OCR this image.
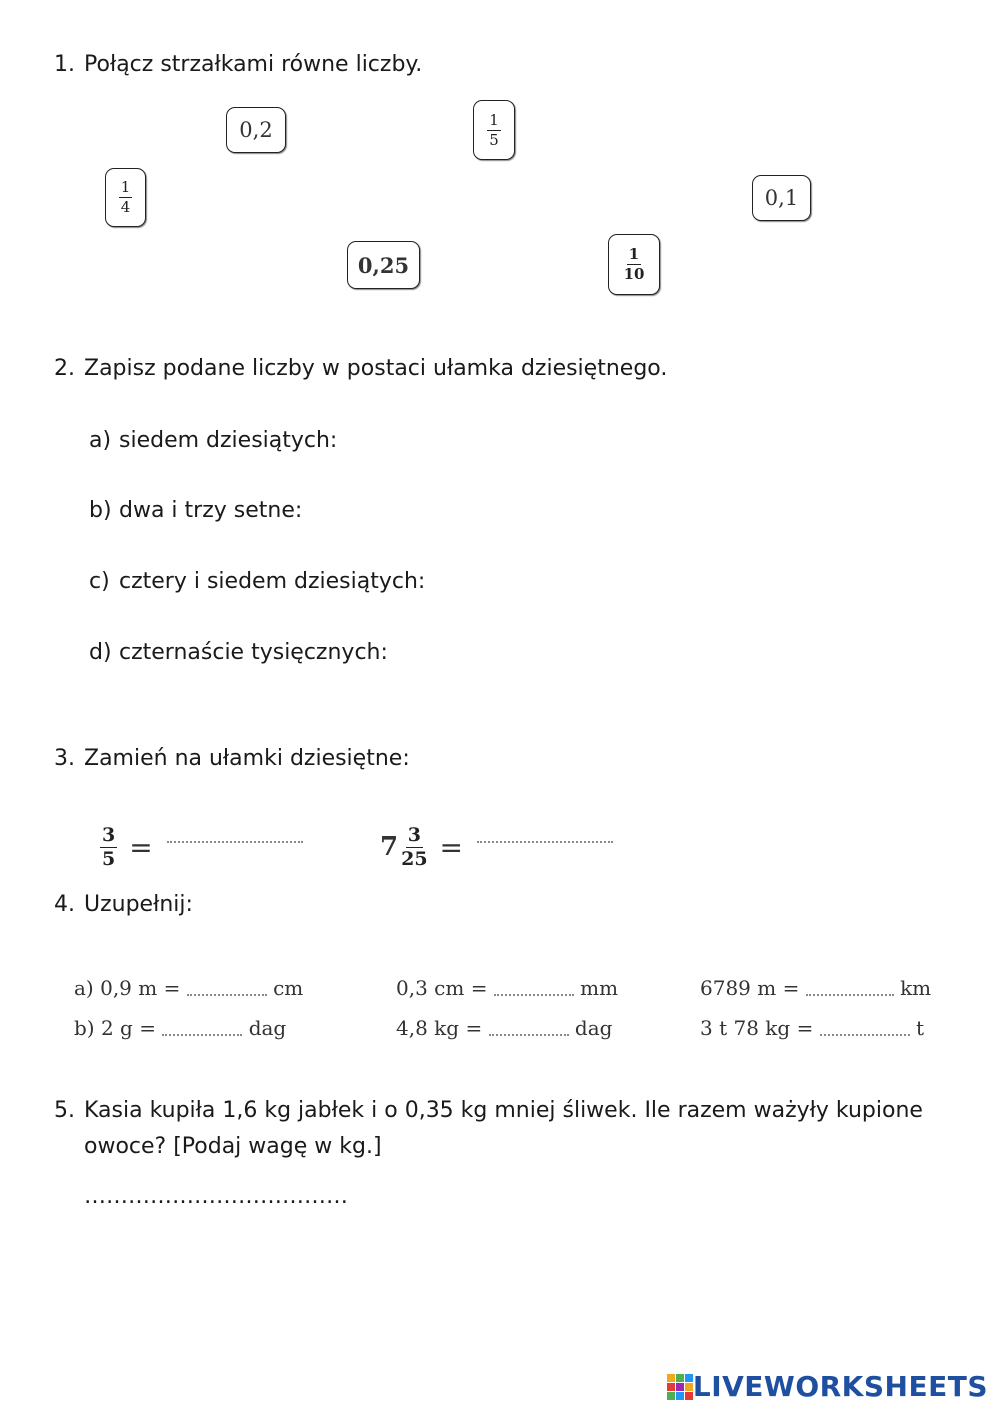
1. Połącz strzałkami równe liczby.
0,2	$\frac{1}{5}$
$\frac{1}{4}$	0,1
0,25	$\frac{1}{10}$
2. Zapisz podane liczby w postaci ułamka dziesiętnego.
a) siedem dziesiątych:
b) dwa i trzy setne:
c) cztery i siedem dziesiątych:
d) czternaście tysięcznych:
3. Zamień na ułamki dziesiętne:
$\frac{3}{5}$ =	$7 \frac{3}{25}$ =
4. Uzupełnij:
a) 0,9 m =	cm	0,3 cm =	mm	6789 m =	km
b) 2 g =	dag	4,8 kg =	dag	3 t 78 kg =	t
5. Kasia kupiła 1,6 kg jabłek i o 0,35 kg mniej śliwek. Ile razem ważyły kupione
owoce? [Podaj wagę w kg.]
………………………………
LIVEWORKSHEETS
